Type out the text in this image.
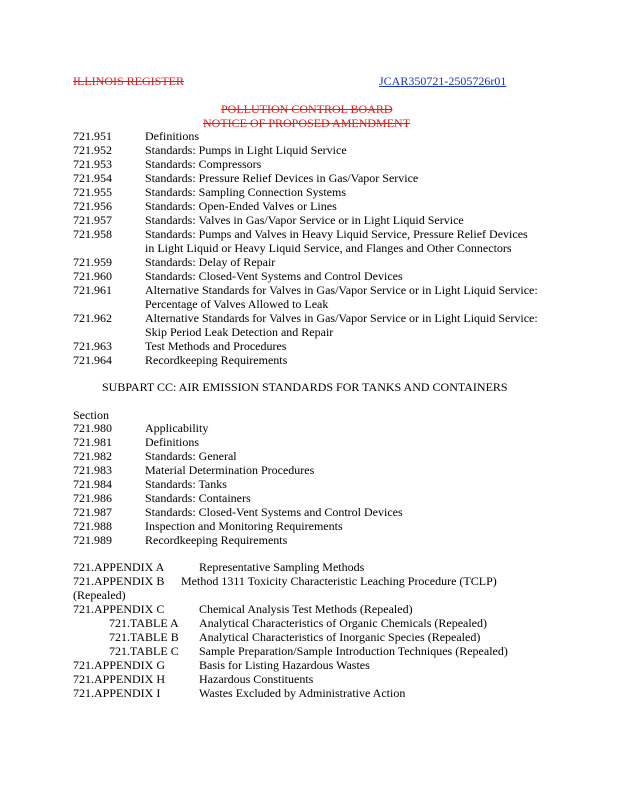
ILLINOIS REGISTER	JCAR350721-2505726r01
POLLUTION CONTROL BOARD
NOTICE OF PROPOSED AMENDMENT
721.951	Definitions
721.952	Standards: Pumps in Light Liquid Service
721.953	Standards: Compressors
721.954	Standards: Pressure Relief Devices in Gas/Vapor Service
721.955	Standards: Sampling Connection Systems
721.956	Standards: Open-Ended Valves or Lines
721.957	Standards: Valves in Gas/Vapor Service or in Light Liquid Service
721.958	Standards: Pumps and Valves in Heavy Liquid Service, Pressure Relief Devices
in Light Liquid or Heavy Liquid Service, and Flanges and Other Connectors
721.959	Standards: Delay of Repair
721.960	Standards: Closed-Vent Systems and Control Devices
721.961	Alternative Standards for Valves in Gas/Vapor Service or in Light Liquid Service:
Percentage of Valves Allowed to Leak
721.962	Alternative Standards for Valves in Gas/Vapor Service or in Light Liquid Service:
Skip Period Leak Detection and Repair
721.963	Test Methods and Procedures
721.964	Recordkeeping Requirements
SUBPART CC: AIR EMISSION STANDARDS FOR TANKS AND CONTAINERS
Section
721.980	Applicability
721.981	Definitions
721.982	Standards: General
721.983	Material Determination Procedures
721.984	Standards: Tanks
721.986	Standards: Containers
721.987	Standards: Closed-Vent Systems and Control Devices
721.988	Inspection and Monitoring Requirements
721.989	Recordkeeping Requirements
721.APPENDIX A	Representative Sampling Methods
721.APPENDIX B Method 1311 Toxicity Characteristic Leaching Procedure (TCLP)
(Repealed)
721.APPENDIX C	Chemical Analysis Test Methods (Repealed)
721.TABLE A Analytical Characteristics of Organic Chemicals (Repealed)
721.TABLE B Analytical Characteristics of Inorganic Species (Repealed)
721.TABLE C Sample Preparation/Sample Introduction Techniques (Repealed)
721.APPENDIX G	Basis for Listing Hazardous Wastes
721.APPENDIX H	Hazardous Constituents
721.APPENDIX I	Wastes Excluded by Administrative Action
